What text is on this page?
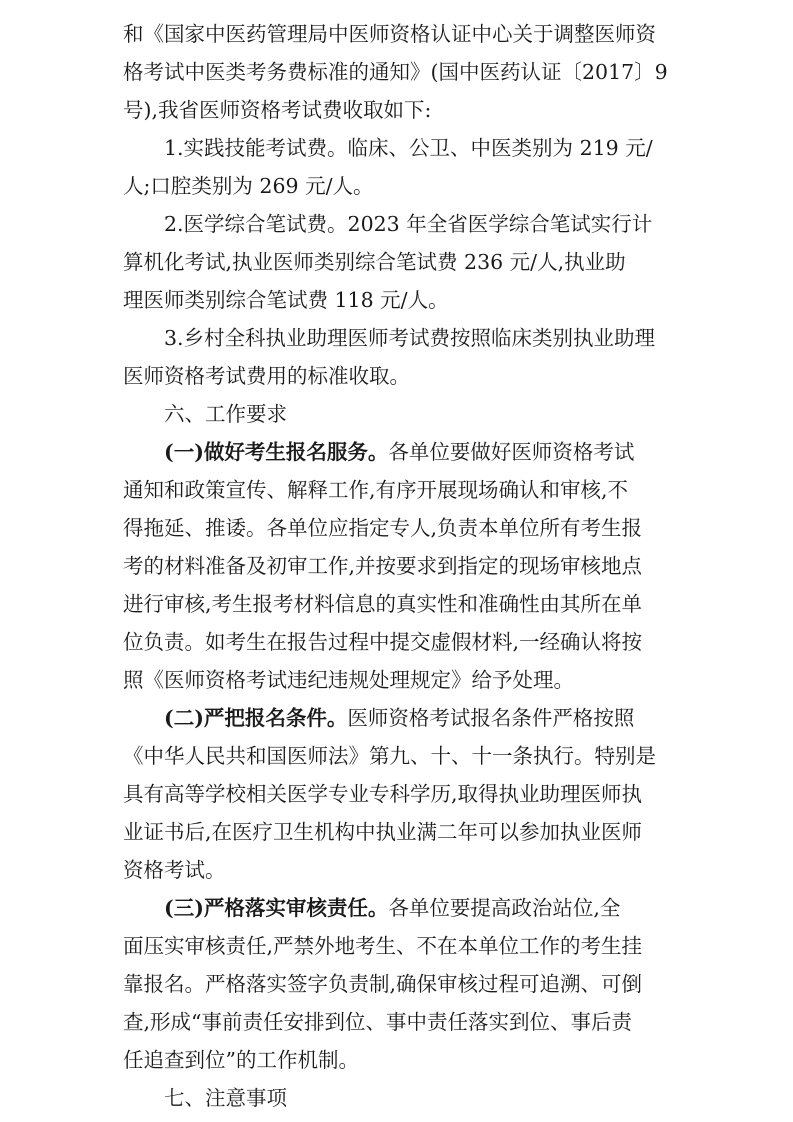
和《国家中医药管理局中医师资格认证中心关于调整医师资
格考试中医类考务费标准的通知》(国中医药认证〔2017〕9
号),我省医师资格考试费收取如下:
1.实践技能考试费。临床、公卫、中医类别为 219 元/
人;口腔类别为 269 元/人。
2.医学综合笔试费。2023 年全省医学综合笔试实行计
算机化考试,执业医师类别综合笔试费 236 元/人,执业助
理医师类别综合笔试费 118 元/人。
3.乡村全科执业助理医师考试费按照临床类别执业助理
医师资格考试费用的标准收取。
六、工作要求
(一)做好考生报名服务。各单位要做好医师资格考试
通知和政策宣传、解释工作,有序开展现场确认和审核,不
得拖延、推诿。各单位应指定专人,负责本单位所有考生报
考的材料准备及初审工作,并按要求到指定的现场审核地点
进行审核,考生报考材料信息的真实性和准确性由其所在单
位负责。如考生在报告过程中提交虚假材料,一经确认将按
照《医师资格考试违纪违规处理规定》给予处理。
(二)严把报名条件。医师资格考试报名条件严格按照
《中华人民共和国医师法》第九、十、十一条执行。特别是
具有高等学校相关医学专业专科学历,取得执业助理医师执
业证书后,在医疗卫生机构中执业满二年可以参加执业医师
资格考试。
(三)严格落实审核责任。各单位要提高政治站位,全
面压实审核责任,严禁外地考生、不在本单位工作的考生挂
靠报名。严格落实签字负责制,确保审核过程可追溯、可倒
查,形成“事前责任安排到位、事中责任落实到位、事后责
任追查到位”的工作机制。
七、注意事项
